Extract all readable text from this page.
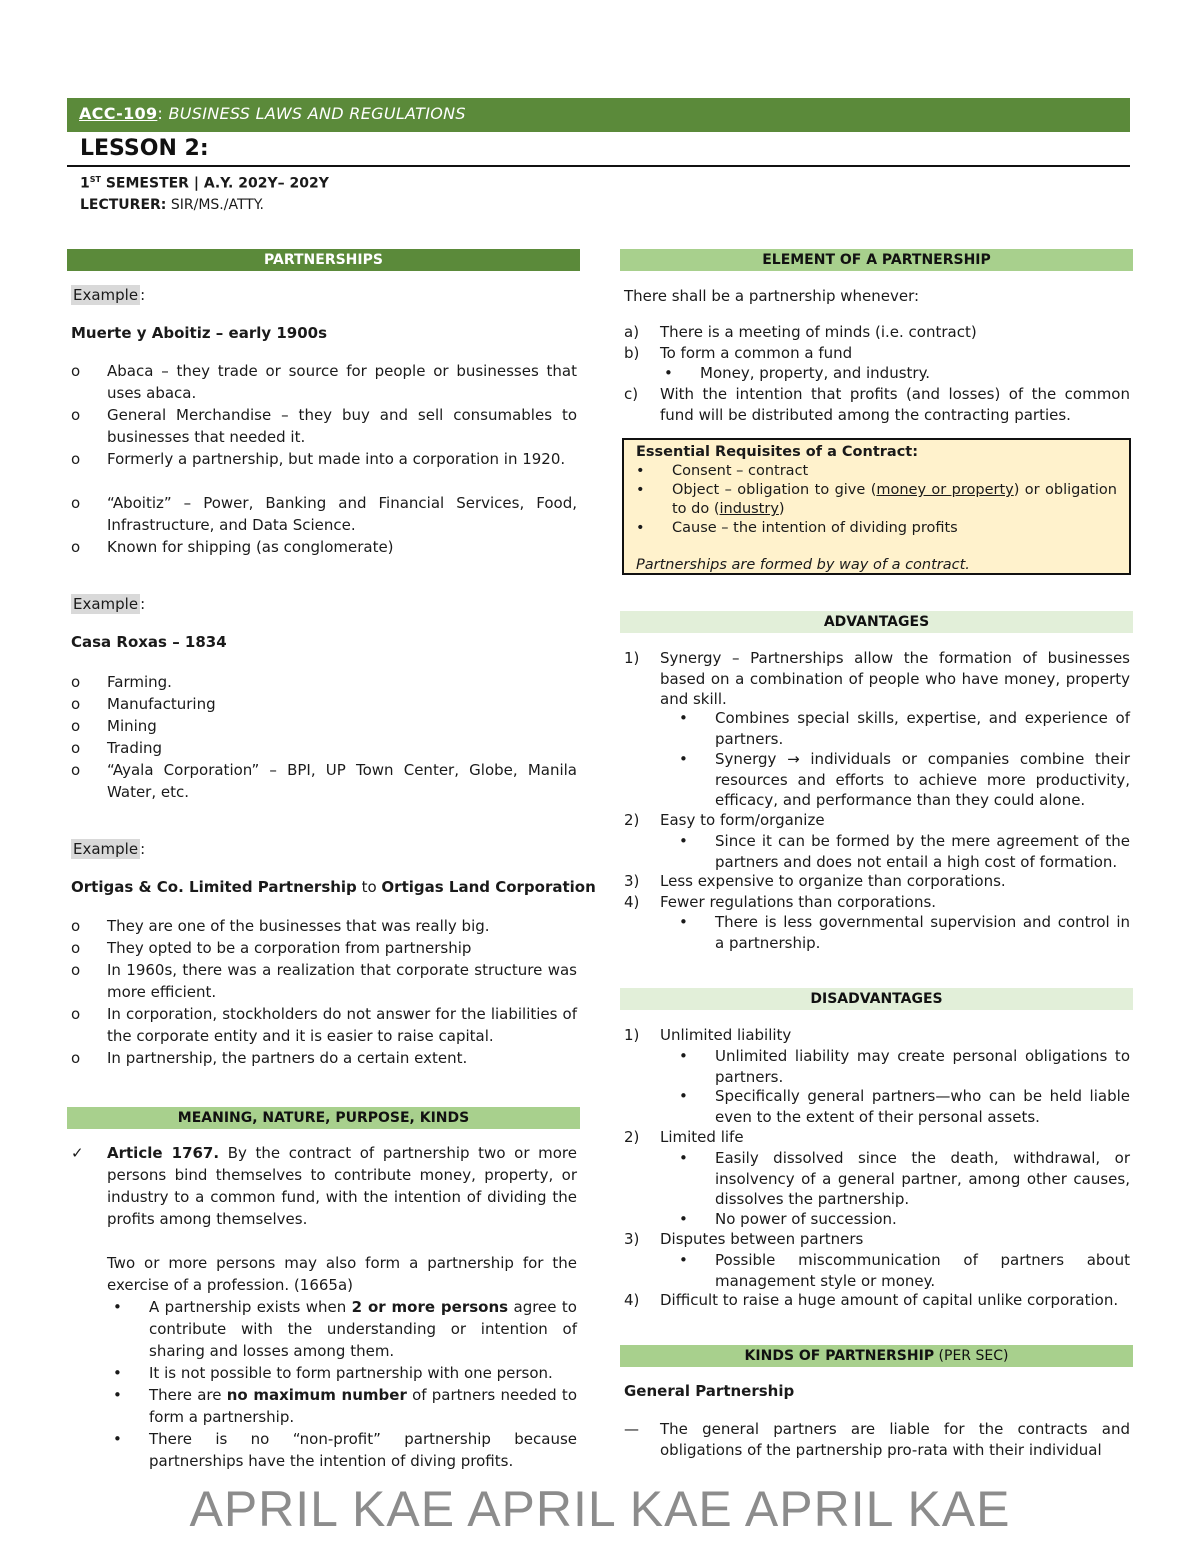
ACC-109: BUSINESS LAWS AND REGULATIONS
LESSON 2:
1ST SEMESTER | A.Y. 202Y– 202Y
LECTURER: SIR/MS./ATTY.
PARTNERSHIPS
Example :
Muerte y Aboitiz – early 1900s
o Abaca – they trade or source for people or businesses that uses abaca.
o General Merchandise – they buy and sell consumables to businesses that needed it.
o Formerly a partnership, but made into a corporation in 1920.
o “Aboitiz” – Power, Banking and Financial Services, Food, Infrastructure, and Data Science.
o Known for shipping (as conglomerate)
Example :
Casa Roxas – 1834
o Farming.
o Manufacturing
o Mining
o Trading
o “Ayala Corporation” – BPI, UP Town Center, Globe, Manila Water, etc.
Example :
Ortigas & Co. Limited Partnership to Ortigas Land Corporation
o They are one of the businesses that was really big.
o They opted to be a corporation from partnership
o In 1960s, there was a realization that corporate structure was more efficient.
o In corporation, stockholders do not answer for the liabilities of the corporate entity and it is easier to raise capital.
o In partnership, the partners do a certain extent.
MEANING, NATURE, PURPOSE, KINDS
✓ Article 1767. By the contract of partnership two or more persons bind themselves to contribute money, property, or industry to a common fund, with the intention of dividing the profits among themselves.
Two or more persons may also form a partnership for the exercise of a profession. (1665a)
• A partnership exists when 2 or more persons agree to contribute with the understanding or intention of sharing and losses among them.
• It is not possible to form partnership with one person.
• There are no maximum number of partners needed to form a partnership.
• There is no “non-profit” partnership because partnerships have the intention of diving profits.
ELEMENT OF A PARTNERSHIP
There shall be a partnership whenever:
a) There is a meeting of minds (i.e. contract)
b) To form a common a fund
• Money, property, and industry.
c) With the intention that profits (and losses) of the common fund will be distributed among the contracting parties.
Essential Requisites of a Contract:
• Consent – contract
• Object – obligation to give (money or property) or obligation to do (industry)
• Cause – the intention of dividing profits
Partnerships are formed by way of a contract.
ADVANTAGES
1) Synergy – Partnerships allow the formation of businesses based on a combination of people who have money, property and skill.
• Combines special skills, expertise, and experience of partners.
• Synergy → individuals or companies combine their resources and efforts to achieve more productivity, efficacy, and performance than they could alone.
2) Easy to form/organize
• Since it can be formed by the mere agreement of the partners and does not entail a high cost of formation.
3) Less expensive to organize than corporations.
4) Fewer regulations than corporations.
• There is less governmental supervision and control in a partnership.
DISADVANTAGES
1) Unlimited liability
• Unlimited liability may create personal obligations to partners.
• Specifically general partners—who can be held liable even to the extent of their personal assets.
2) Limited life
• Easily dissolved since the death, withdrawal, or insolvency of a general partner, among other causes, dissolves the partnership.
• No power of succession.
3) Disputes between partners
• Possible miscommunication of partners about management style or money.
4) Difficult to raise a huge amount of capital unlike corporation.
KINDS OF PARTNERSHIP (PER SEC)
General Partnership
— The general partners are liable for the contracts and obligations of the partnership pro-rata with their individual
APRIL KAE APRIL KAE APRIL KAE
